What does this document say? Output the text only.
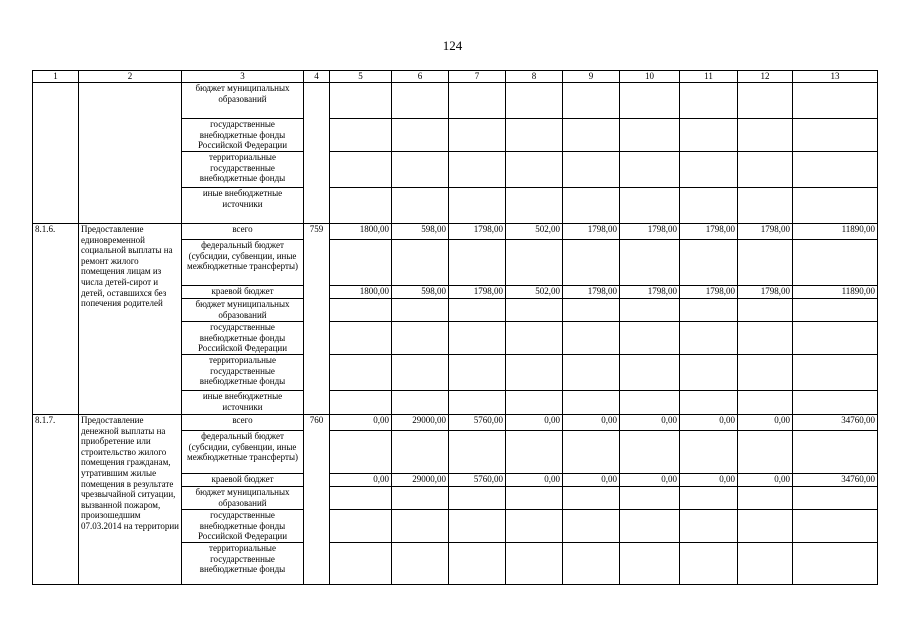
124
1	2	3	4	5	6	7	8	9	10	11	12	13
		бюджет муниципальных образований										
		государственные внебюджетные фонды Российской Федерации										
		территориальные государственные внебюджетные фонды										
		иные внебюджетные источники										
8.1.6.	Предоставление единовременной социальной выплаты на ремонт жилого помещения лицам из числа детей-сирот и детей, оставшихся без попечения родителей	всего	759	1800,00	598,00	1798,00	502,00	1798,00	1798,00	1798,00	1798,00	11890,00
		федеральный бюджет (субсидии, субвенции, иные межбюджетные трансферты)										
		краевой бюджет		1800,00	598,00	1798,00	502,00	1798,00	1798,00	1798,00	1798,00	11890,00
		бюджет муниципальных образований										
		государственные внебюджетные фонды Российской Федерации										
		территориальные государственные внебюджетные фонды										
		иные внебюджетные источники										
8.1.7.	Предоставление денежной выплаты на приобретение или строительство жилого помещения гражданам, утратившим жилые помещения в результате чрезвычайной ситуации, вызванной пожаром, произошедшим 07.03.2014 на территории	всего	760	0,00	29000,00	5760,00	0,00	0,00	0,00	0,00	0,00	34760,00
		федеральный бюджет (субсидии, субвенции, иные межбюджетные трансферты)										
		краевой бюджет		0,00	29000,00	5760,00	0,00	0,00	0,00	0,00	0,00	34760,00
		бюджет муниципальных образований										
		государственные внебюджетные фонды Российской Федерации										
		территориальные государственные внебюджетные фонды										
